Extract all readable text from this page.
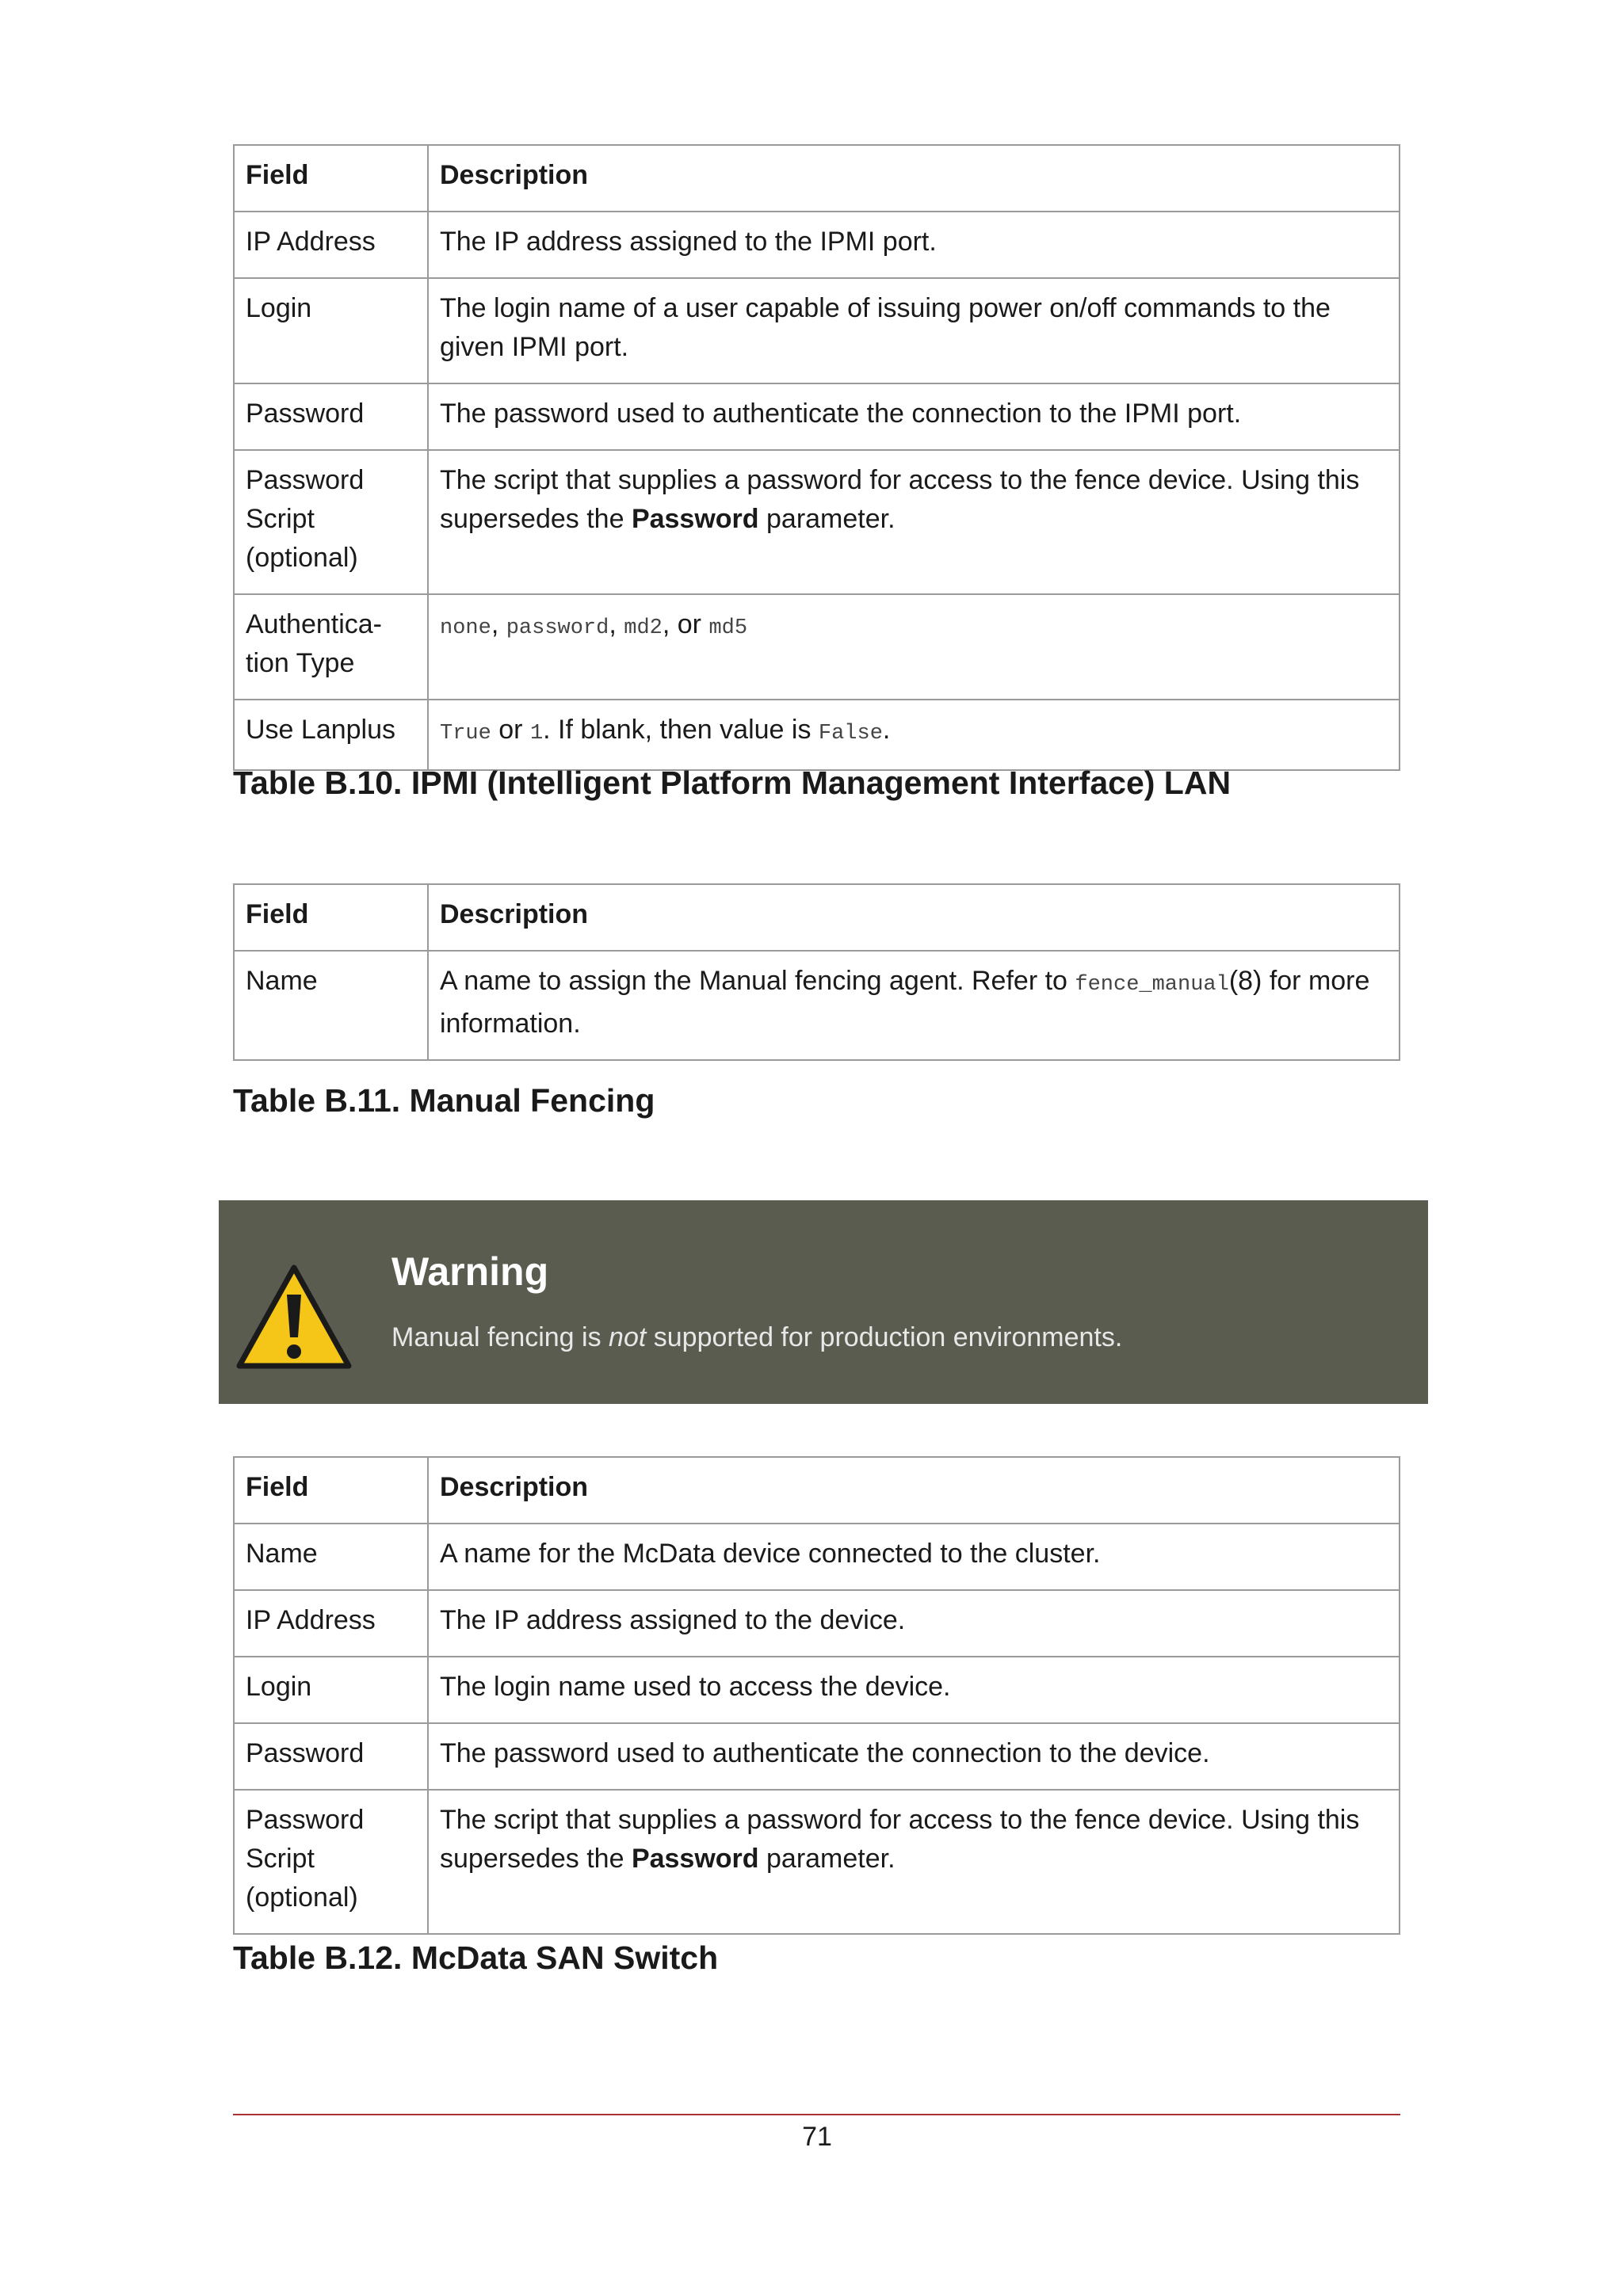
Field	Description
IP Address	The IP address assigned to the IPMI port.
Login	The login name of a user capable of issuing power on/off commands to the given IPMI port.
Password	The password used to authenticate the connection to the IPMI port.
Password
Script
(optional)	The script that supplies a password for access to the fence device. Using this supersedes the Password parameter.
Authentica-
tion Type	none, password, md2, or md5
Use Lanplus	True or 1. If blank, then value is False.

Table B.10. IPMI (Intelligent Platform Management Interface) LAN

Field	Description
Name	A name to assign the Manual fencing agent. Refer to fence_manual(8) for more information.

Table B.11. Manual Fencing

Warning

Manual fencing is not supported for production environments.

Field	Description
Name	A name for the McData device connected to the cluster.
IP Address	The IP address assigned to the device.
Login	The login name used to access the device.
Password	The password used to authenticate the connection to the device.
Password
Script
(optional)	The script that supplies a password for access to the fence device. Using this supersedes the Password parameter.

Table B.12. McData SAN Switch

71
